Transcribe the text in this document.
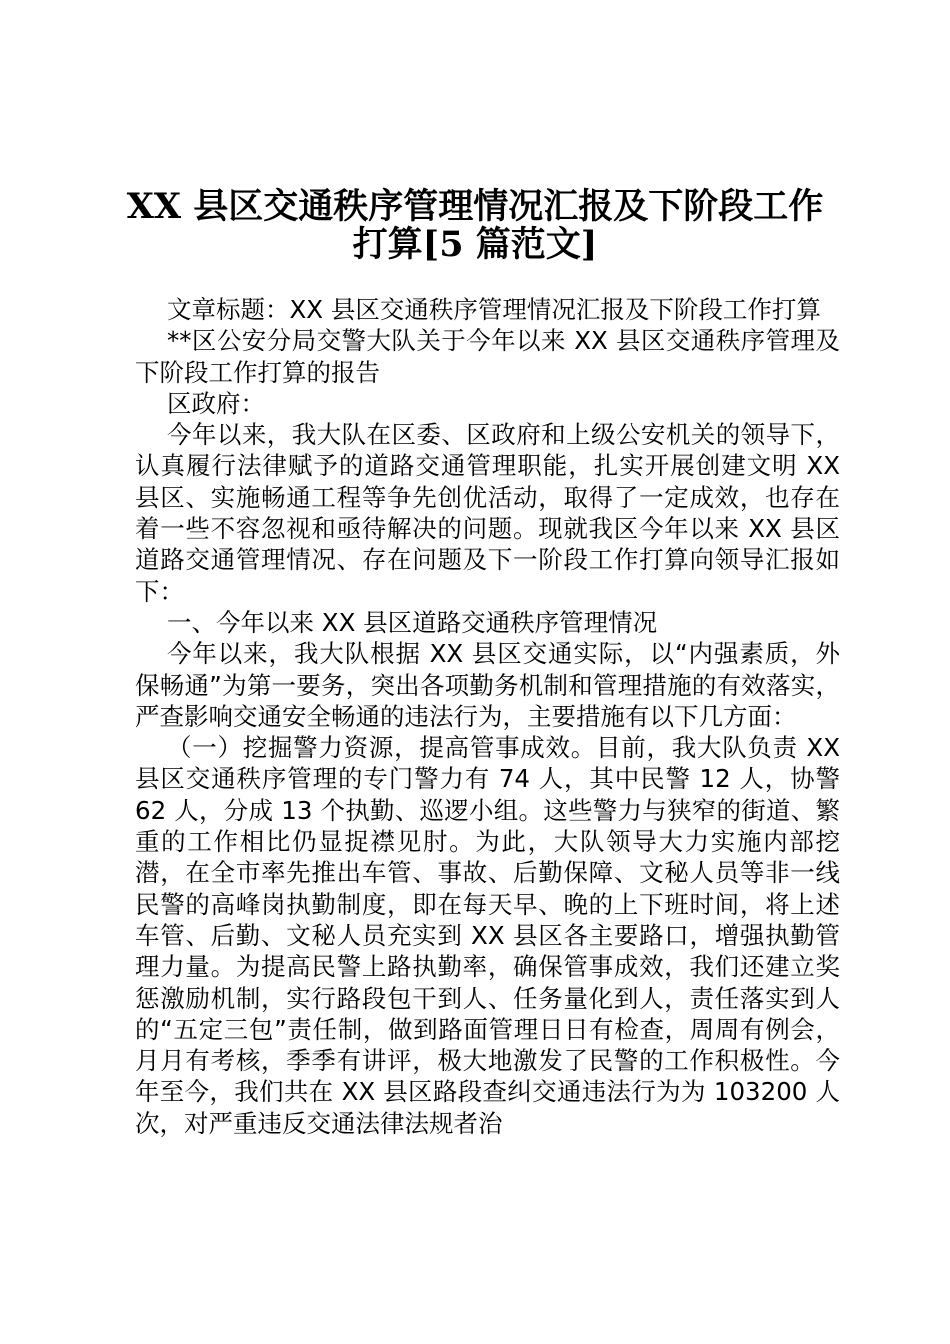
XX 县区交通秩序管理情况汇报及下阶段工作
打算[5 篇范文]

文章标题：XX 县区交通秩序管理情况汇报及下阶段工作打算

**区公安分局交警大队关于今年以来 XX 县区交通秩序管理及下阶段工作打算的报告

区政府：

今年以来，我大队在区委、区政府和上级公安机关的领导下，认真履行法律赋予的道路交通管理职能，扎实开展创建文明 XX 县区、实施畅通工程等争先创优活动，取得了一定成效，也存在着一些不容忽视和亟待解决的问题。现就我区今年以来 XX 县区道路交通管理情况、存在问题及下一阶段工作打算向领导汇报如下：

一、今年以来 XX 县区道路交通秩序管理情况

今年以来，我大队根据 XX 县区交通实际，以“内强素质，外保畅通”为第一要务，突出各项勤务机制和管理措施的有效落实，严查影响交通安全畅通的违法行为，主要措施有以下几方面：

（一）挖掘警力资源，提高管事成效。目前，我大队负责 XX 县区交通秩序管理的专门警力有 74 人，其中民警 12 人，协警 62 人，分成 13 个执勤、巡逻小组。这些警力与狭窄的街道、繁重的工作相比仍显捉襟见肘。为此，大队领导大力实施内部挖潜，在全市率先推出车管、事故、后勤保障、文秘人员等非一线民警的高峰岗执勤制度，即在每天早、晚的上下班时间，将上述车管、后勤、文秘人员充实到 XX 县区各主要路口，增强执勤管理力量。为提高民警上路执勤率，确保管事成效，我们还建立奖惩激励机制，实行路段包干到人、任务量化到人，责任落实到人的“五定三包”责任制，做到路面管理日日有检查，周周有例会，月月有考核，季季有讲评，极大地激发了民警的工作积极性。今年至今，我们共在 XX 县区路段查纠交通违法行为为 103200 人次，对严重违反交通法律法规者治
